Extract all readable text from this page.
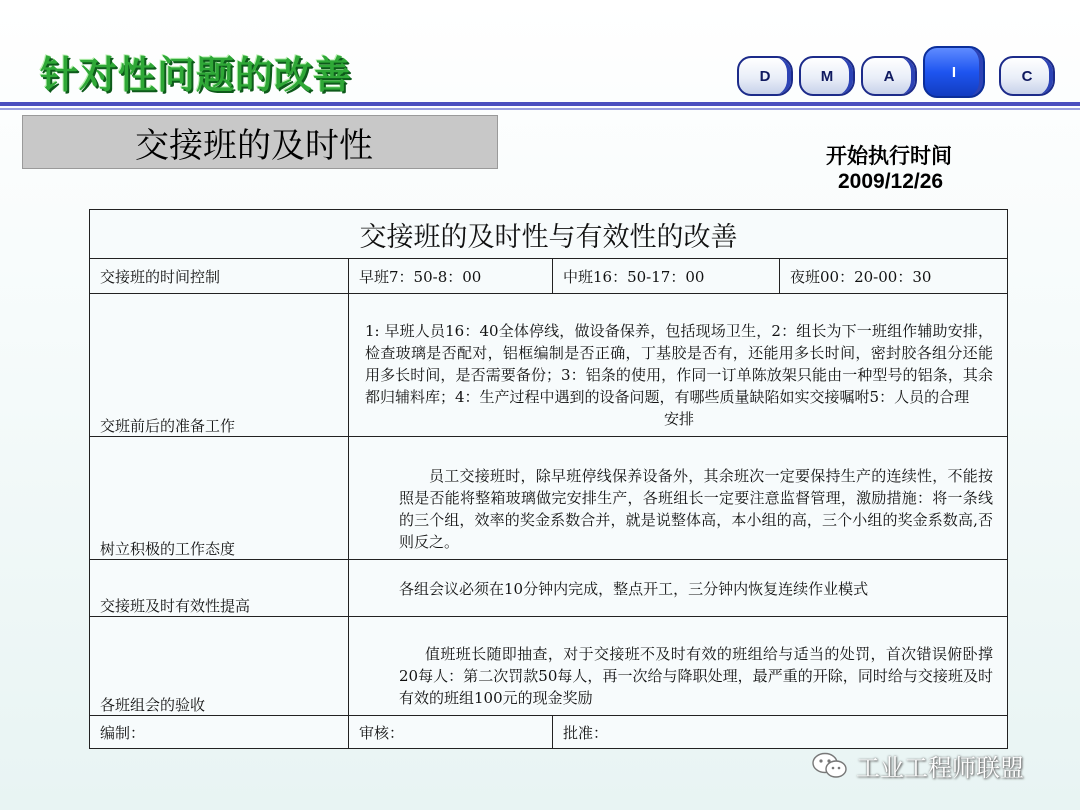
针对性问题的改善	D	M	A	I	C
交接班的及时性	开始执行时间
2009/12/26
交接班的及时性与有效性的改善			
交接班的时间控制	早班7：50-8：00	中班16：50-17：00	夜班00：20-00：30
交班前后的准备工作	1: 早班人员16：40全体停线，做设备保养，包括现场卫生，2：组长为下一班组作辅助安排，检查玻璃是否配对，铝框编制是否正确，丁基胶是否有，还能用多长时间，密封胶各组分还能用多长时间，是否需要备份；3：铝条的使用，作同一订单陈放架只能由一种型号的铝条，其余都归辅料库；4：生产过程中遇到的设备问题，有哪些质量缺陷如实交接嘱咐5：人员的合理
安排		

树立积极的工作态度	员工交接班时，除早班停线保养设备外，其余班次一定要保持生产的连续性，不能按照是否能将整箱玻璃做完安排生产，各班组长一定要注意监督管理，激励措施：将一条线的三个组，效率的奖金系数合并，就是说整体高，本小组的高，三个小组的奖金系数高,否则反之。		

交接班及时有效性提高	各组会议必须在10分钟内完成，整点开工，三分钟内恢复连续作业模式		

各班组会的验收	值班班长随即抽查，对于交接班不及时有效的班组给与适当的处罚，首次错误俯卧撑20每人：第二次罚款50每人，再一次给与降职处理，最严重的开除，同时给与交接班及时有效的班组100元的现金奖励		

编制：	审核：	批准：	
工业工程师联盟
